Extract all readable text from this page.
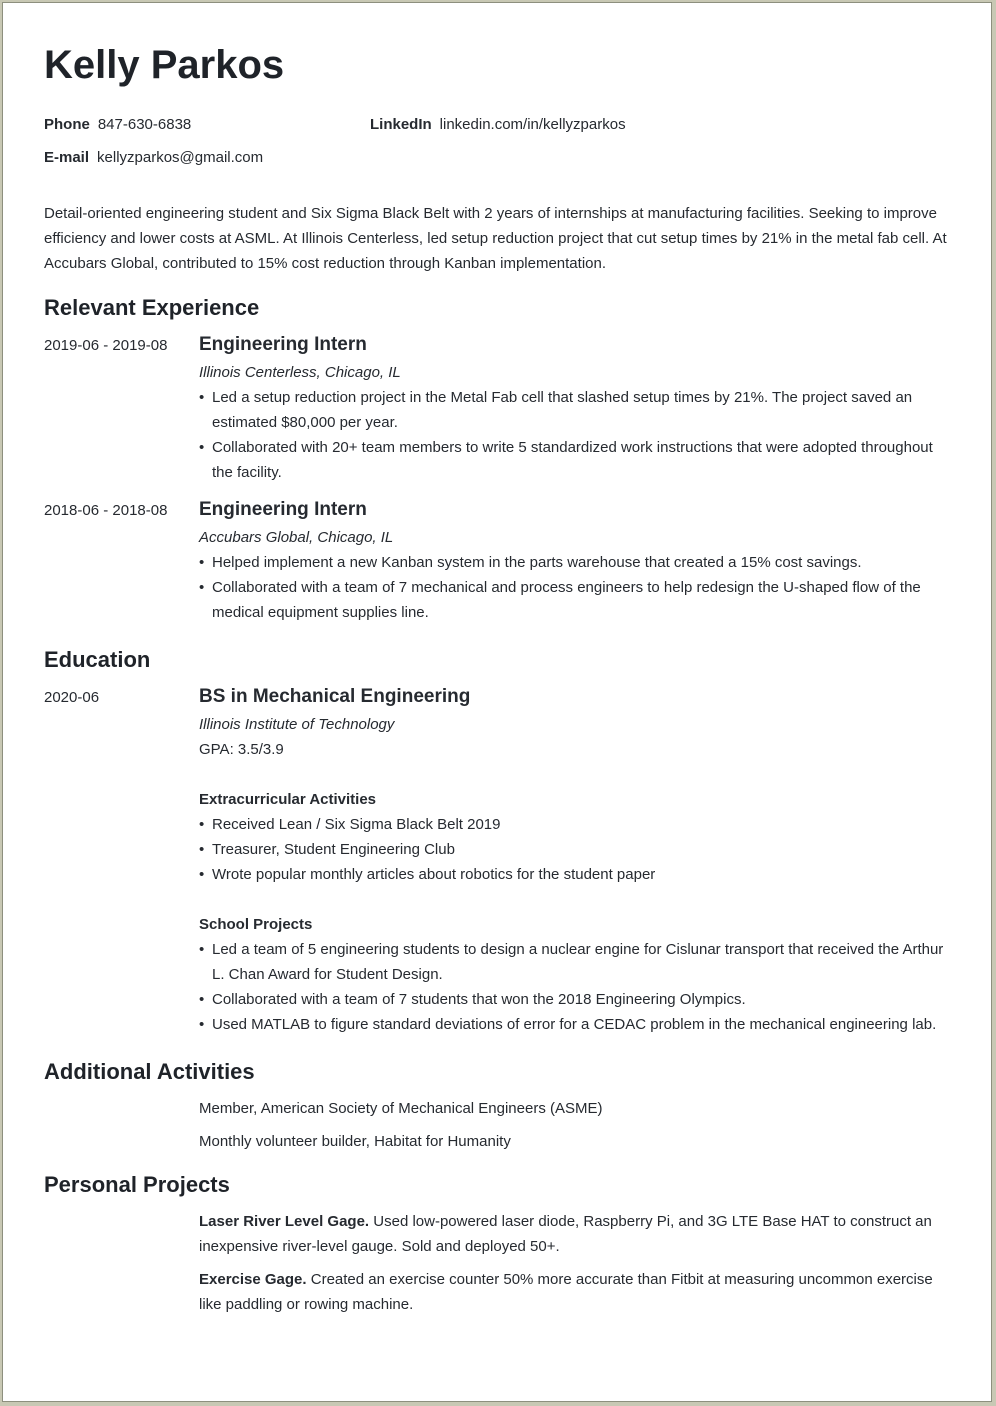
Kelly Parkos
Phone 847-630-6838	LinkedIn linkedin.com/in/kellyzparkos
E-mail kellyzparkos@gmail.com

Detail-oriented engineering student and Six Sigma Black Belt with 2 years of internships at manufacturing facilities. Seeking to improve efficiency and lower costs at ASML. At Illinois Centerless, led setup reduction project that cut setup times by 21% in the metal fab cell. At Accubars Global, contributed to 15% cost reduction through Kanban implementation.

Relevant Experience
2019-06 - 2019-08 Engineering Intern
Illinois Centerless, Chicago, IL
• Led a setup reduction project in the Metal Fab cell that slashed setup times by 21%. The project saved an estimated $80,000 per year.
• Collaborated with 20+ team members to write 5 standardized work instructions that were adopted throughout the facility.
2018-06 - 2018-08 Engineering Intern
Accubars Global, Chicago, IL
• Helped implement a new Kanban system in the parts warehouse that created a 15% cost savings.
• Collaborated with a team of 7 mechanical and process engineers to help redesign the U-shaped flow of the medical equipment supplies line.
Education
2020-06	BS in Mechanical Engineering
Illinois Institute of Technology
GPA: 3.5/3.9
Extracurricular Activities
• Received Lean / Six Sigma Black Belt 2019
• Treasurer, Student Engineering Club
• Wrote popular monthly articles about robotics for the student paper
School Projects
• Led a team of 5 engineering students to design a nuclear engine for Cislunar transport that received the Arthur L. Chan Award for Student Design.
• Collaborated with a team of 7 students that won the 2018 Engineering Olympics.
• Used MATLAB to figure standard deviations of error for a CEDAC problem in the mechanical engineering lab.
Additional Activities
Member, American Society of Mechanical Engineers (ASME)
Monthly volunteer builder, Habitat for Humanity
Personal Projects
Laser River Level Gage. Used low-powered laser diode, Raspberry Pi, and 3G LTE Base HAT to construct an inexpensive river-level gauge. Sold and deployed 50+.
Exercise Gage. Created an exercise counter 50% more accurate than Fitbit at measuring uncommon exercise like paddling or rowing machine.
